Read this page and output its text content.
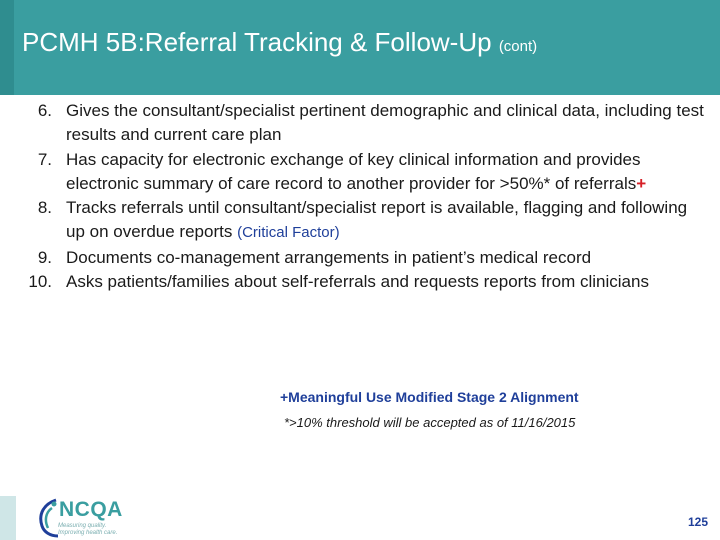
PCMH 5B:Referral Tracking & Follow-Up (cont)
6. Gives the consultant/specialist pertinent demographic and clinical data, including test results and current care plan
7. Has capacity for electronic exchange of key clinical information and provides electronic summary of care record to another provider for >50%* of referrals+
8. Tracks referrals until consultant/specialist report is available, flagging and following up on overdue reports (Critical Factor)
9. Documents co-management arrangements in patient’s medical record
10. Asks patients/families about self-referrals and requests reports from clinicians
+Meaningful Use Modified Stage 2 Alignment
*>10% threshold will be accepted as of 11/16/2015
NCQA
Measuring quality. Improving health care.
125
